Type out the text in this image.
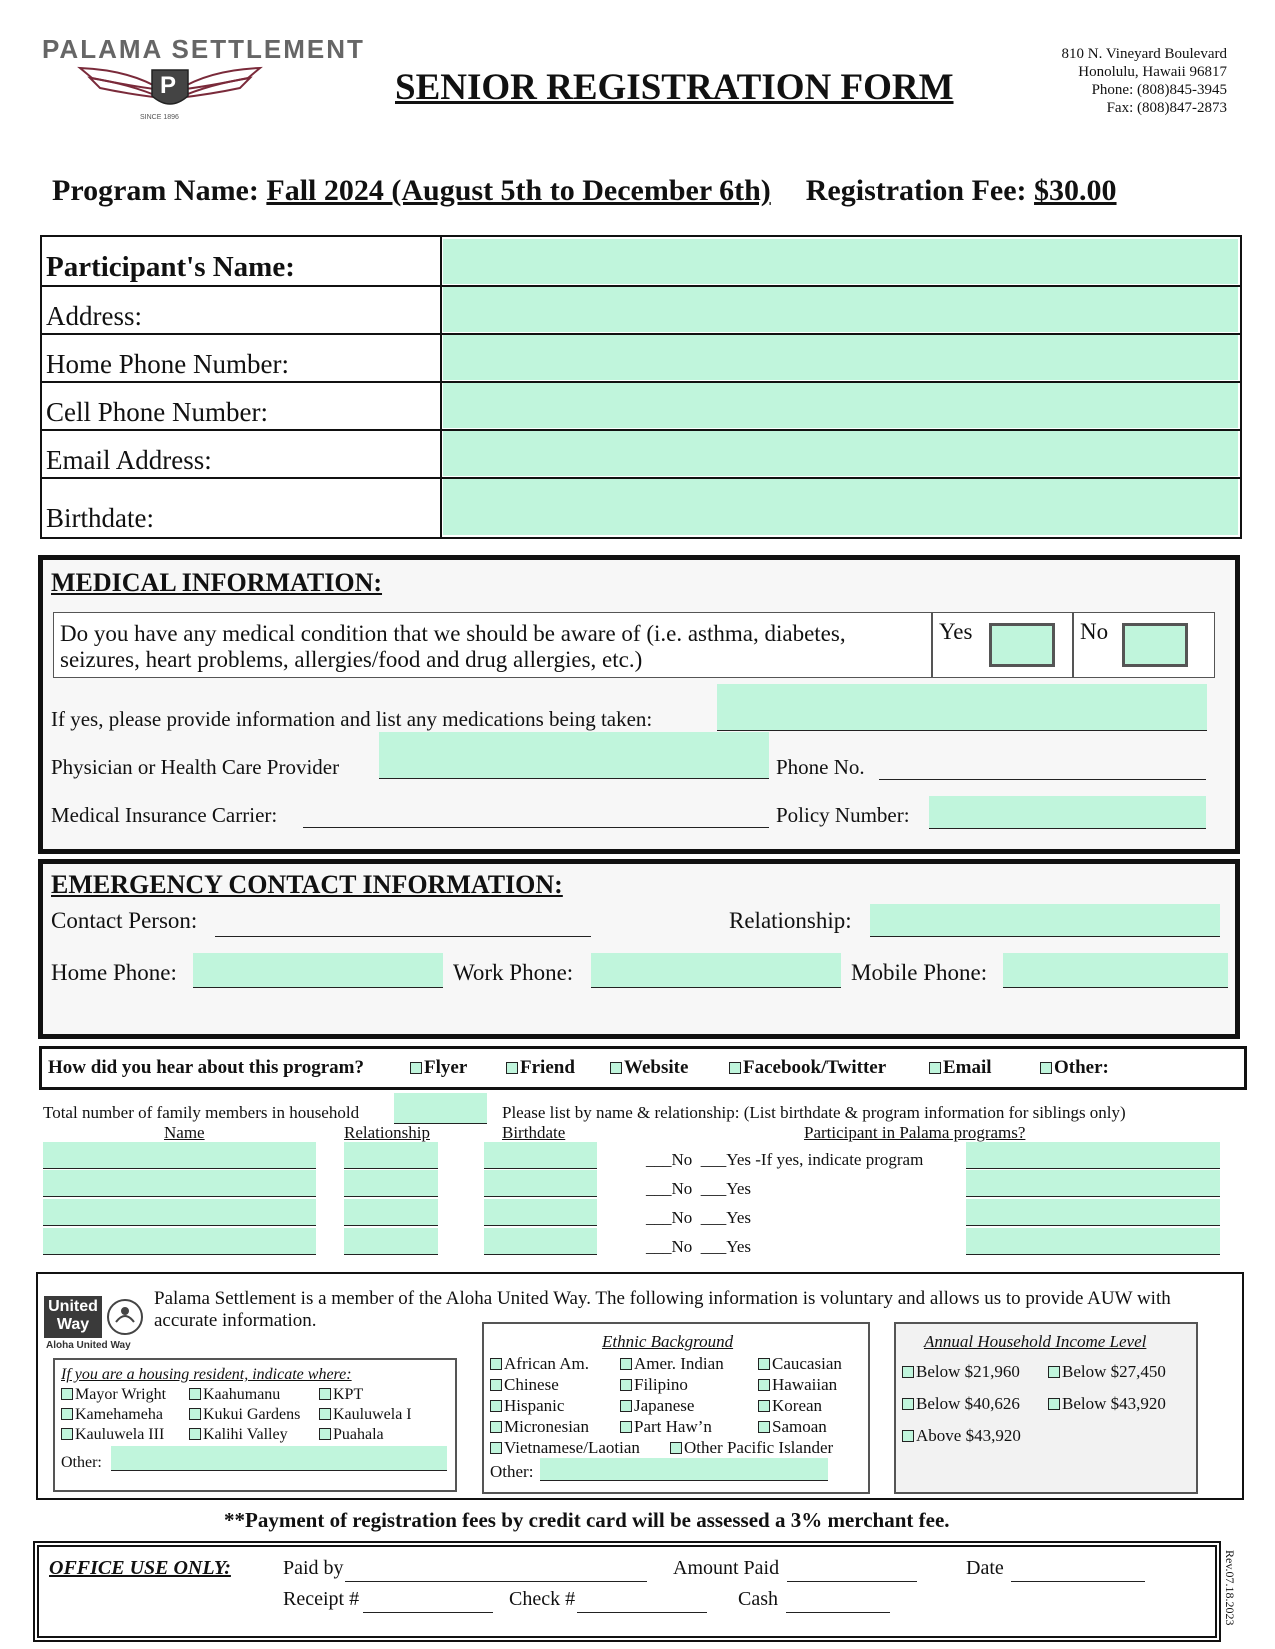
PALAMA SETTLEMENT
P
SINCE 1896
SENIOR REGISTRATION FORM
810 N. Vineyard Boulevard
Honolulu, Hawaii 96817
Phone: (808)845-3945
Fax: (808)847-2873
Program Name: Fall 2024 (August 5th to December 6th) Registration Fee: $30.00
Participant's Name:
Address:
Home Phone Number:
Cell Phone Number:
Email Address:
Birthdate:
MEDICAL INFORMATION:
Do you have any medical condition that we should be aware of (i.e. asthma, diabetes, seizures, heart problems, allergies/food and drug allergies, etc.)
Yes	No
If yes, please provide information and list any medications being taken:
Physician or Health Care Provider	Phone No.
Medical Insurance Carrier:	Policy Number:
EMERGENCY CONTACT INFORMATION:
Contact Person:	Relationship:
Home Phone:	Work Phone:	Mobile Phone:
How did you hear about this program?	Flyer	Friend	Website	Facebook/Twitter	Email	Other:
Total number of family members in household	Please list by name & relationship: (List birthdate & program information for siblings only)
Name	Relationship	Birthdate	Participant in Palama programs?
___No  ___Yes -If yes, indicate program
___No  ___Yes
___No  ___Yes
___No  ___Yes
United
Way
Aloha United Way
Palama Settlement is a member of the Aloha United Way. The following information is voluntary and allows us to provide AUW with accurate information.
If you are a housing resident, indicate where:
Mayor Wright	Kaahumanu	KPT
Kamehameha	Kukui Gardens	Kauluwela I
Kauluwela III	Kalihi Valley	Puahala
Other:
Ethnic Background
African Am.	Amer. Indian	Caucasian
Chinese	Filipino	Hawaiian
Hispanic	Japanese	Korean
Micronesian	Part Haw’n	Samoan
Vietnamese/Laotian	Other Pacific Islander
Other:
Annual Household Income Level
Below $21,960	Below $27,450
Below $40,626	Below $43,920
Above $43,920
**Payment of registration fees by credit card will be assessed a 3% merchant fee.
OFFICE USE ONLY:	Paid by	Amount Paid	Date
Receipt #	Check #	Cash	Rev.07.18.2023
